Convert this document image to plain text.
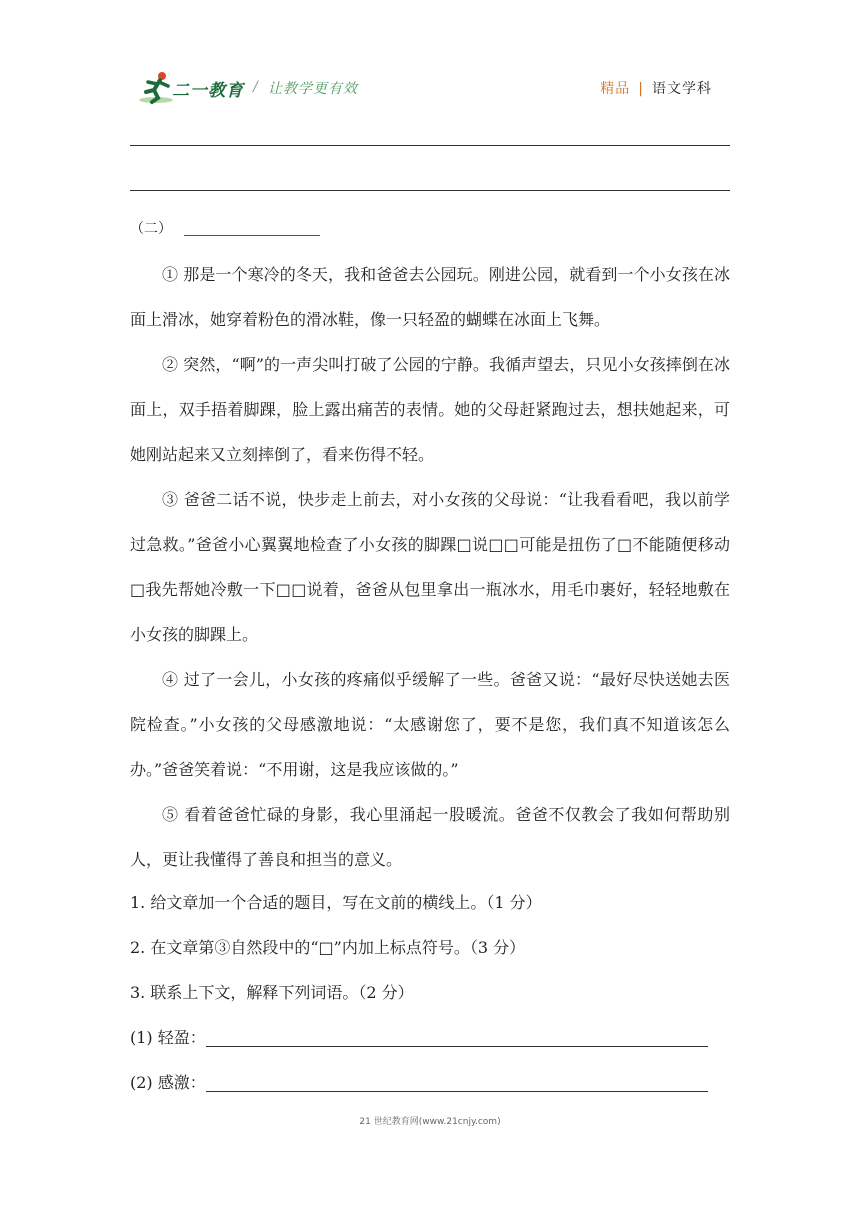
二一教育 / 让教学更有效	精品 | 语文学科
（二）

① 那是一个寒冷的冬天，我和爸爸去公园玩。刚进公园，就看到一个小女孩在冰面上滑冰，她穿着粉色的滑冰鞋，像一只轻盈的蝴蝶在冰面上飞舞。

② 突然，“啊”的一声尖叫打破了公园的宁静。我循声望去，只见小女孩摔倒在冰面上，双手捂着脚踝，脸上露出痛苦的表情。她的父母赶紧跑过去，想扶她起来，可她刚站起来又立刻摔倒了，看来伤得不轻。

③ 爸爸二话不说，快步走上前去，对小女孩的父母说：“让我看看吧，我以前学过急救。”爸爸小心翼翼地检查了小女孩的脚踝□说□□可能是扭伤了□不能随便移动□我先帮她冷敷一下□□说着，爸爸从包里拿出一瓶冰水，用毛巾裹好，轻轻地敷在小女孩的脚踝上。

④ 过了一会儿，小女孩的疼痛似乎缓解了一些。爸爸又说：“最好尽快送她去医院检查。”小女孩的父母感激地说：“太感谢您了，要不是您，我们真不知道该怎么办。”爸爸笑着说：“不用谢，这是我应该做的。”

⑤ 看着爸爸忙碌的身影，我心里涌起一股暖流。爸爸不仅教会了我如何帮助别人，更让我懂得了善良和担当的意义。

1. 给文章加一个合适的题目，写在文前的横线上。（1 分）

2. 在文章第③自然段中的“□”内加上标点符号。（3 分）

3. 联系上下文，解释下列词语。（2 分）

(1) 轻盈：
(2) 感激：
21 世纪教育网(www.21cnjy.com)
